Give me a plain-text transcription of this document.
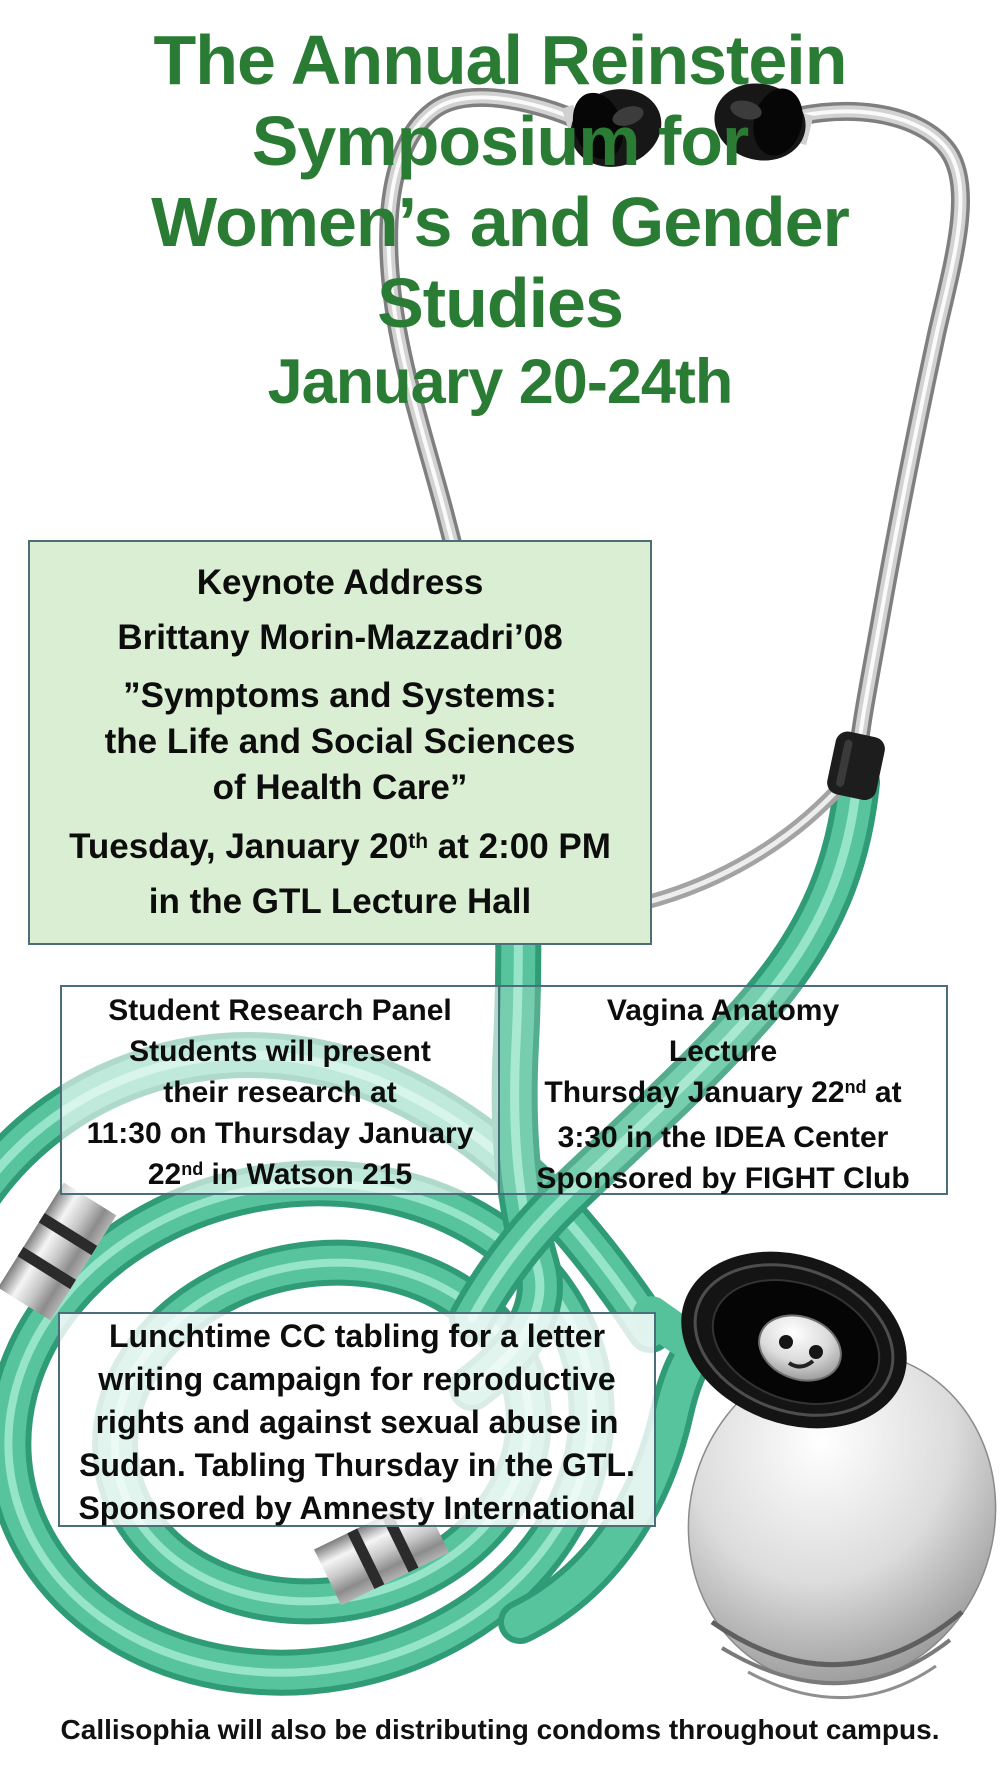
The Annual Reinstein
Symposium for
Women’s and Gender
Studies
January 20-24th
Keynote Address
Brittany Morin-Mazzadri’08
”Symptoms and Systems:
the Life and Social Sciences
of Health Care”
Tuesday, January 20th at 2:00 PM
in the GTL Lecture Hall
Student Research Panel
Students will present
their research at
11:30 on Thursday January
22nd in Watson 215
Vagina Anatomy
Lecture
Thursday January 22nd at
3:30 in the IDEA Center
Sponsored by FIGHT Club
Lunchtime CC tabling for a letter
writing campaign for reproductive
rights and against sexual abuse in
Sudan. Tabling Thursday in the GTL.
Sponsored by Amnesty International
Callisophia will also be distributing condoms throughout campus.
